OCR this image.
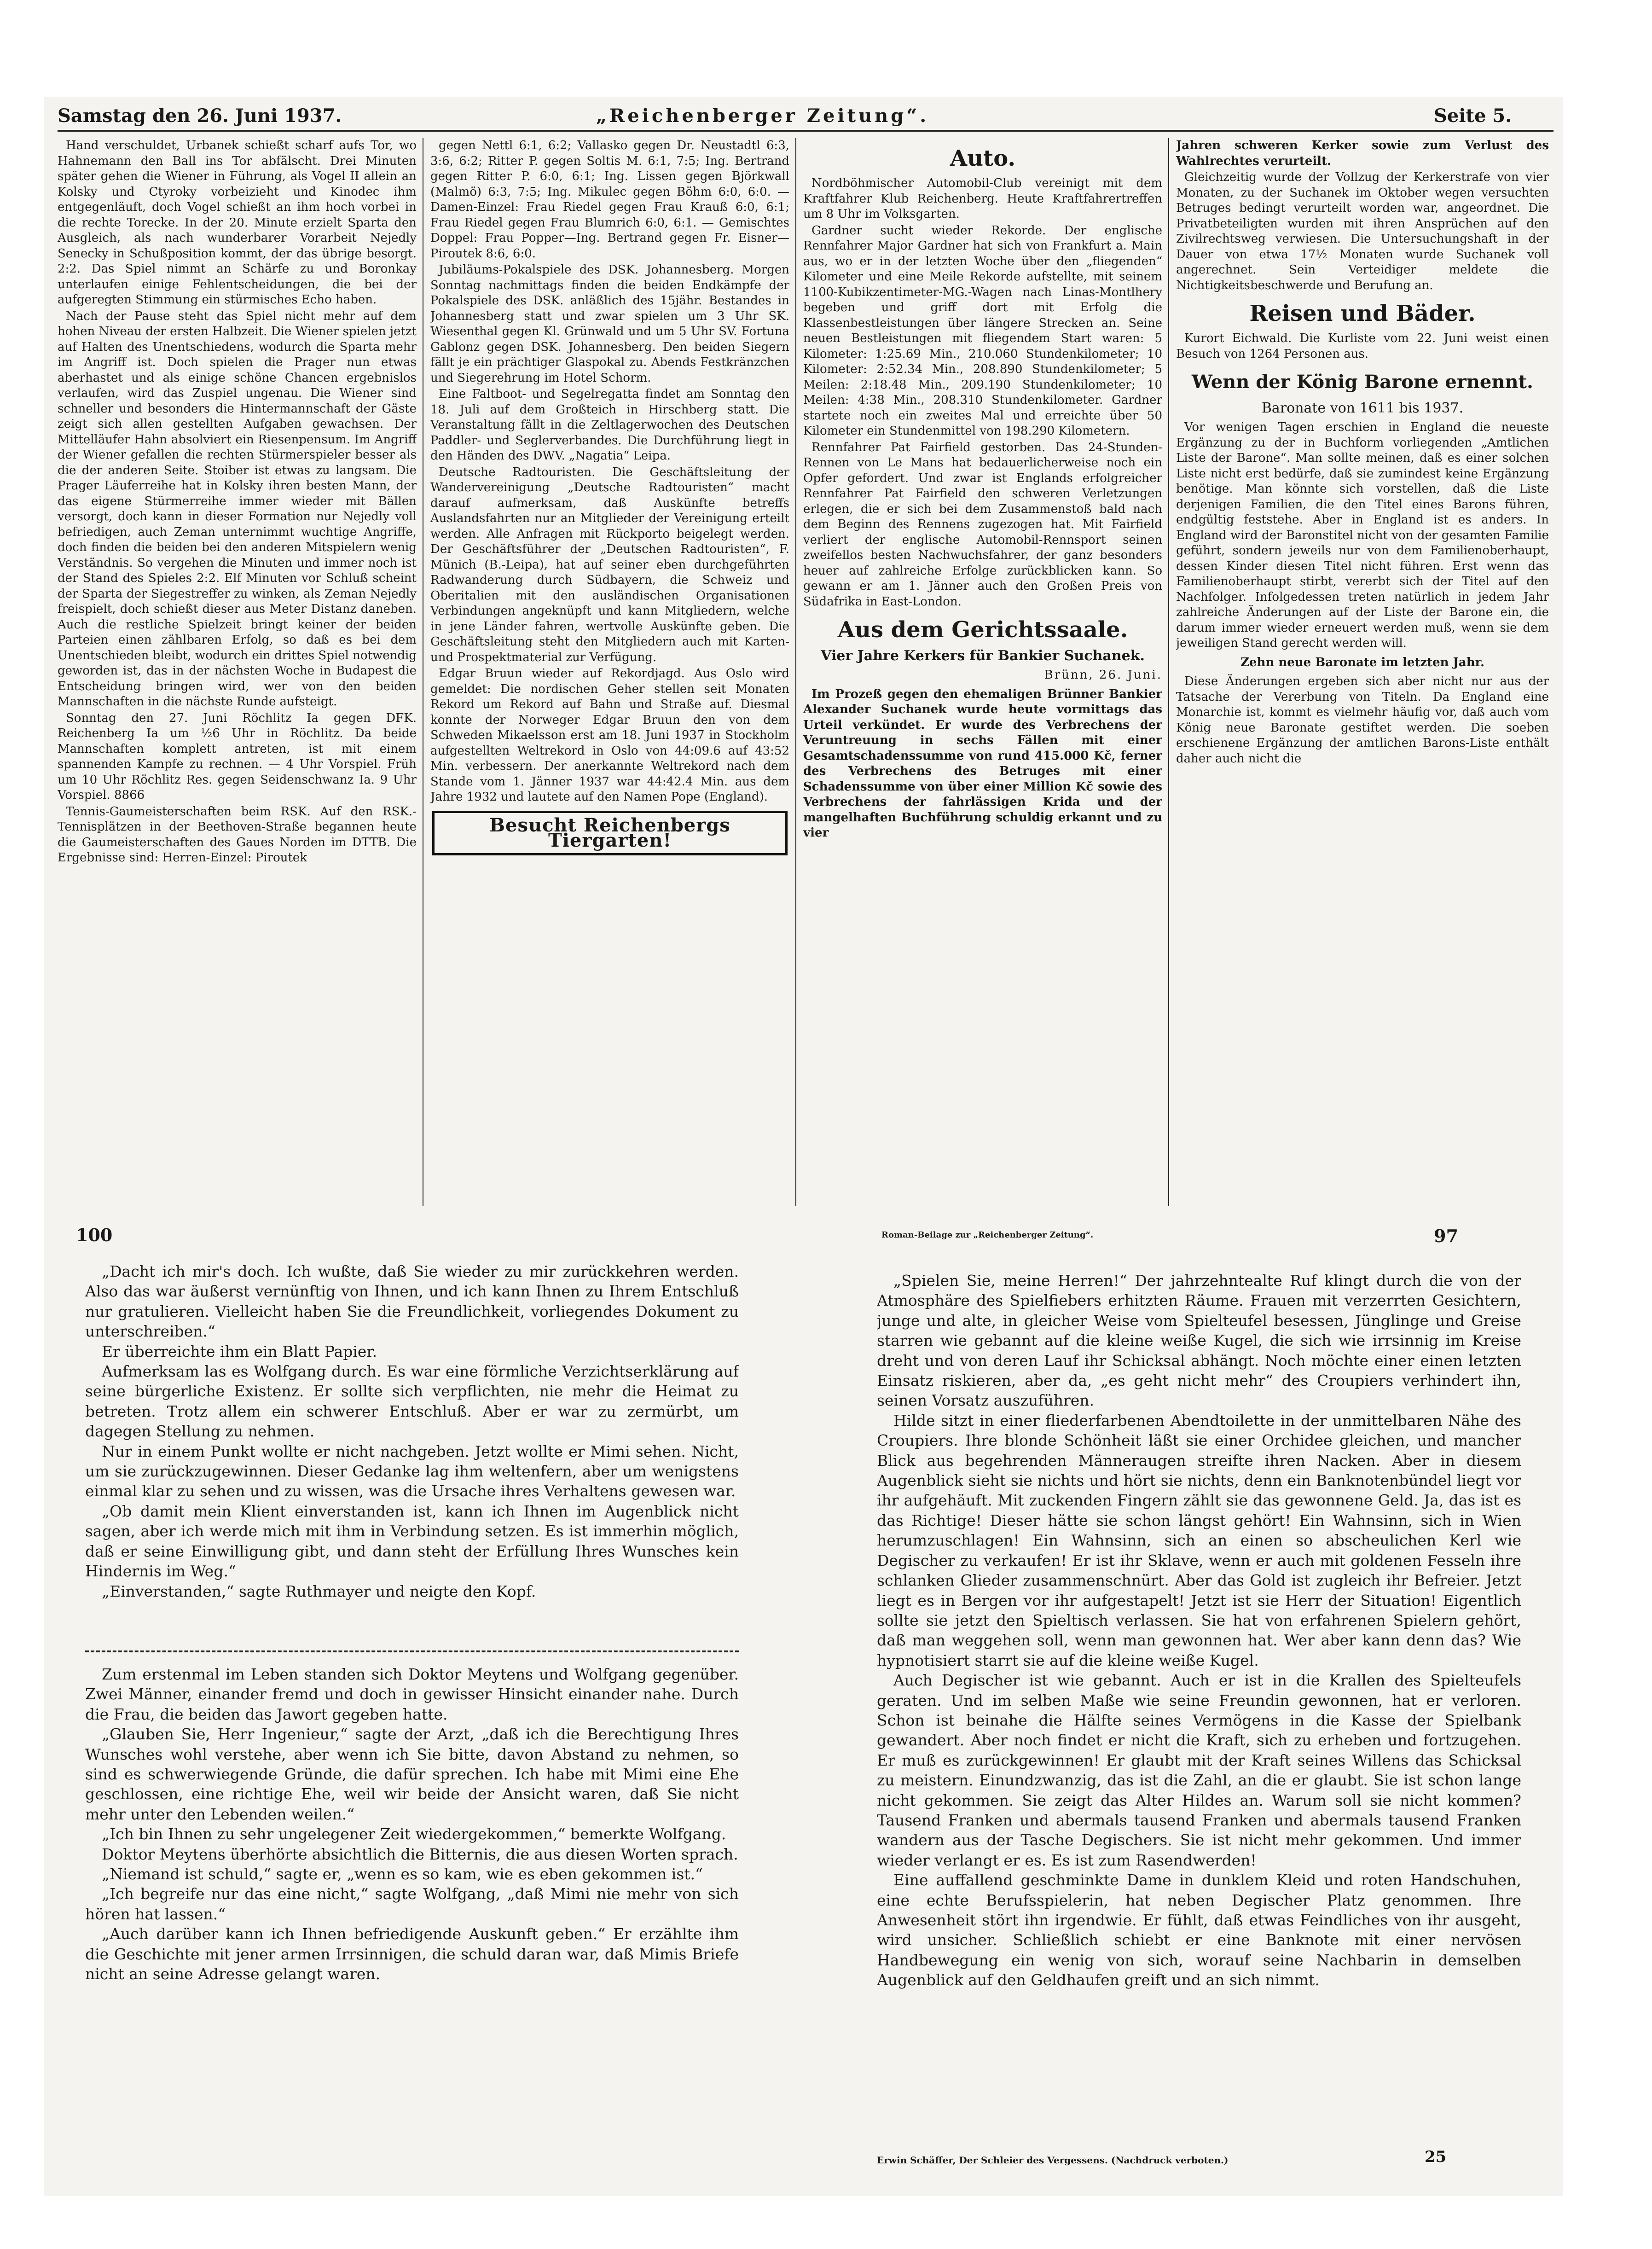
Samstag den 26. Juni 1937.	„Reichenberger Zeitung“.	Seite 5.

Hand verschuldet, Urbanek schießt scharf aufs Tor, wo Hahnemann den Ball ins Tor abfälscht. Drei Minuten später gehen die Wiener in Führung, als Vogel II allein an Kolsky und Ctyroky vorbeizieht und Kinodec ihm entgegenläuft, doch Vogel schießt an ihm hoch vorbei in die rechte Torecke. In der 20. Minute erzielt Sparta den Ausgleich, als nach wunderbarer Vorarbeit Nejedly Senecky in Schußposition kommt, der das übrige besorgt. 2:2. Das Spiel nimmt an Schärfe zu und Boronkay unterlaufen einige Fehlentscheidungen, die bei der aufgeregten Stimmung ein stürmisches Echo haben.

Nach der Pause steht das Spiel nicht mehr auf dem hohen Niveau der ersten Halbzeit. Die Wiener spielen jetzt auf Halten des Unentschiedens, wodurch die Sparta mehr im Angriff ist. Doch spielen die Prager nun etwas aberhastet und als einige schöne Chancen ergebnislos verlaufen, wird das Zuspiel ungenau. Die Wiener sind schneller und besonders die Hintermannschaft der Gäste zeigt sich allen gestellten Aufgaben gewachsen. Der Mittelläufer Hahn absolviert ein Riesenpensum. Im Angriff der Wiener gefallen die rechten Stürmerspieler besser als die der anderen Seite. Stoiber ist etwas zu langsam. Die Prager Läuferreihe hat in Kolsky ihren besten Mann, der das eigene Stürmerreihe immer wieder mit Bällen versorgt, doch kann in dieser Formation nur Nejedly voll befriedigen, auch Zeman unternimmt wuchtige Angriffe, doch finden die beiden bei den anderen Mitspielern wenig Verständnis. So vergehen die Minuten und immer noch ist der Stand des Spieles 2:2. Elf Minuten vor Schluß scheint der Sparta der Siegestreffer zu winken, als Zeman Nejedly freispielt, doch schießt dieser aus Meter Distanz daneben. Auch die restliche Spielzeit bringt keiner der beiden Parteien einen zählbaren Erfolg, so daß es bei dem Unentschieden bleibt, wodurch ein drittes Spiel notwendig geworden ist, das in der nächsten Woche in Budapest die Entscheidung bringen wird, wer von den beiden Mannschaften in die nächste Runde aufsteigt.

Sonntag den 27. Juni Röchlitz Ia gegen DFK. Reichenberg Ia um ½6 Uhr in Röchlitz. Da beide Mannschaften komplett antreten, ist mit einem spannenden Kampfe zu rechnen. — 4 Uhr Vorspiel. Früh um 10 Uhr Röchlitz Res. gegen Seidenschwanz Ia. 9 Uhr Vorspiel. 8866

Tennis-Gaumeisterschaften beim RSK. Auf den RSK.-Tennisplätzen in der Beethoven-Straße begannen heute die Gaumeisterschaften des Gaues Norden im DTTB. Die Ergebnisse sind: Herren-Einzel: Piroutek

gegen Nettl 6:1, 6:2; Vallasko gegen Dr. Neustadtl 6:3, 3:6, 6:2; Ritter P. gegen Soltis M. 6:1, 7:5; Ing. Bertrand gegen Ritter P. 6:0, 6:1; Ing. Lissen gegen Björkwall (Malmö) 6:3, 7:5; Ing. Mikulec gegen Böhm 6:0, 6:0. — Damen-Einzel: Frau Riedel gegen Frau Krauß 6:0, 6:1; Frau Riedel gegen Frau Blumrich 6:0, 6:1. — Gemischtes Doppel: Frau Popper—Ing. Bertrand gegen Fr. Eisner—Piroutek 8:6, 6:0.

Jubiläums-Pokalspiele des DSK. Johannesberg. Morgen Sonntag nachmittags finden die beiden Endkämpfe der Pokalspiele des DSK. anläßlich des 15jähr. Bestandes in Johannesberg statt und zwar spielen um 3 Uhr SK. Wiesenthal gegen Kl. Grünwald und um 5 Uhr SV. Fortuna Gablonz gegen DSK. Johannesberg. Den beiden Siegern fällt je ein prächtiger Glaspokal zu. Abends Festkränzchen und Siegerehrung im Hotel Schorm.

Eine Faltboot- und Segelregatta findet am Sonntag den 18. Juli auf dem Großteich in Hirschberg statt. Die Veranstaltung fällt in die Zeltlagerwochen des Deutschen Paddler- und Seglerverbandes. Die Durchführung liegt in den Händen des DWV. „Nagatia“ Leipa.

Deutsche Radtouristen. Die Geschäftsleitung der Wandervereinigung „Deutsche Radtouristen“ macht darauf aufmerksam, daß Auskünfte betreffs Auslandsfahrten nur an Mitglieder der Vereinigung erteilt werden. Alle Anfragen mit Rückporto beigelegt werden. Der Geschäftsführer der „Deutschen Radtouristen“, F. Münich (B.-Leipa), hat auf seiner eben durchgeführten Radwanderung durch Südbayern, die Schweiz und Oberitalien mit den ausländischen Organisationen Verbindungen angeknüpft und kann Mitgliedern, welche in jene Länder fahren, wertvolle Auskünfte geben. Die Geschäftsleitung steht den Mitgliedern auch mit Karten- und Prospektmaterial zur Verfügung.

Edgar Bruun wieder auf Rekordjagd. Aus Oslo wird gemeldet: Die nordischen Geher stellen seit Monaten Rekord um Rekord auf Bahn und Straße auf. Diesmal konnte der Norweger Edgar Bruun den von dem Schweden Mikaelsson erst am 18. Juni 1937 in Stockholm aufgestellten Weltrekord in Oslo von 44:09.6 auf 43:52 Min. verbessern. Der anerkannte Weltrekord nach dem Stande vom 1. Jänner 1937 war 44:42.4 Min. aus dem Jahre 1932 und lautete auf den Namen Pope (England).

Besucht Reichenbergs Tiergarten!
Auto.

Nordböhmischer Automobil-Club vereinigt mit dem Kraftfahrer Klub Reichenberg. Heute Kraftfahrertreffen um 8 Uhr im Volksgarten.

Gardner sucht wieder Rekorde. Der englische Rennfahrer Major Gardner hat sich von Frankfurt a. Main aus, wo er in der letzten Woche über den „fliegenden“ Kilometer und eine Meile Rekorde aufstellte, mit seinem 1100-Kubikzentimeter-MG.-Wagen nach Linas-Montlhery begeben und griff dort mit Erfolg die Klassenbestleistungen über längere Strecken an. Seine neuen Bestleistungen mit fliegendem Start waren: 5 Kilometer: 1:25.69 Min., 210.060 Stundenkilometer; 10 Kilometer: 2:52.34 Min., 208.890 Stundenkilometer; 5 Meilen: 2:18.48 Min., 209.190 Stundenkilometer; 10 Meilen: 4:38 Min., 208.310 Stundenkilometer. Gardner startete noch ein zweites Mal und erreichte über 50 Kilometer ein Stundenmittel von 198.290 Kilometern.

Rennfahrer Pat Fairfield gestorben. Das 24-Stunden-Rennen von Le Mans hat bedauerlicherweise noch ein Opfer gefordert. Und zwar ist Englands erfolgreicher Rennfahrer Pat Fairfield den schweren Verletzungen erlegen, die er sich bei dem Zusammenstoß bald nach dem Beginn des Rennens zugezogen hat. Mit Fairfield verliert der englische Automobil-Rennsport seinen zweifellos besten Nachwuchsfahrer, der ganz besonders heuer auf zahlreiche Erfolge zurückblicken kann. So gewann er am 1. Jänner auch den Großen Preis von Südafrika in East-London.

Aus dem Gerichtssaale.
Vier Jahre Kerkers für Bankier Suchanek.
Brünn, 26. Juni.

Im Prozeß gegen den ehemaligen Brünner Bankier Alexander Suchanek wurde heute vormittags das Urteil verkündet. Er wurde des Verbrechens der Veruntreuung in sechs Fällen mit einer Gesamtschadenssumme von rund 415.000 Kč, ferner des Verbrechens des Betruges mit einer Schadenssumme von über einer Million Kč sowie des Verbrechens der fahrlässigen Krida und der mangelhaften Buchführung schuldig erkannt und zu vier

Jahren schweren Kerker sowie zum Verlust des Wahlrechtes verurteilt.

Gleichzeitig wurde der Vollzug der Kerkerstrafe von vier Monaten, zu der Suchanek im Oktober wegen versuchten Betruges bedingt verurteilt worden war, angeordnet. Die Privatbeteiligten wurden mit ihren Ansprüchen auf den Zivilrechtsweg verwiesen. Die Untersuchungshaft in der Dauer von etwa 17½ Monaten wurde Suchanek voll angerechnet. Sein Verteidiger meldete die Nichtigkeitsbeschwerde und Berufung an.

Reisen und Bäder.

Kurort Eichwald. Die Kurliste vom 22. Juni weist einen Besuch von 1264 Personen aus.

Wenn der König Barone ernennt.
Baronate von 1611 bis 1937.

Vor wenigen Tagen erschien in England die neueste Ergänzung zu der in Buchform vorliegenden „Amtlichen Liste der Barone“. Man sollte meinen, daß es einer solchen Liste nicht erst bedürfe, daß sie zumindest keine Ergänzung benötige. Man könnte sich vorstellen, daß die Liste derjenigen Familien, die den Titel eines Barons führen, endgültig feststehe. Aber in England ist es anders. In England wird der Baronstitel nicht von der gesamten Familie geführt, sondern jeweils nur von dem Familienoberhaupt, dessen Kinder diesen Titel nicht führen. Erst wenn das Familienoberhaupt stirbt, vererbt sich der Titel auf den Nachfolger. Infolgedessen treten natürlich in jedem Jahr zahlreiche Änderungen auf der Liste der Barone ein, die darum immer wieder erneuert werden muß, wenn sie dem jeweiligen Stand gerecht werden will.

Zehn neue Baronate im letzten Jahr.

Diese Änderungen ergeben sich aber nicht nur aus der Tatsache der Vererbung von Titeln. Da England eine Monarchie ist, kommt es vielmehr häufig vor, daß auch vom König neue Baronate gestiftet werden. Die soeben erschienene Ergänzung der amtlichen Barons-Liste enthält daher auch nicht die

100	Roman-Beilage zur „Reichenberger Zeitung“.	97

„Dacht ich mir's doch. Ich wußte, daß Sie wieder zu mir zurückkehren werden. Also das war äußerst vernünftig von Ihnen, und ich kann Ihnen zu Ihrem Entschluß nur gratulieren. Vielleicht haben Sie die Freundlichkeit, vorliegendes Dokument zu unterschreiben.“

Er überreichte ihm ein Blatt Papier.

Aufmerksam las es Wolfgang durch. Es war eine förmliche Verzichtserklärung auf seine bürgerliche Existenz. Er sollte sich verpflichten, nie mehr die Heimat zu betreten. Trotz allem ein schwerer Entschluß. Aber er war zu zermürbt, um dagegen Stellung zu nehmen.

Nur in einem Punkt wollte er nicht nachgeben. Jetzt wollte er Mimi sehen. Nicht, um sie zurückzugewinnen. Dieser Gedanke lag ihm weltenfern, aber um wenigstens einmal klar zu sehen und zu wissen, was die Ursache ihres Verhaltens gewesen war.

„Ob damit mein Klient einverstanden ist, kann ich Ihnen im Augenblick nicht sagen, aber ich werde mich mit ihm in Verbindung setzen. Es ist immerhin möglich, daß er seine Einwilligung gibt, und dann steht der Erfüllung Ihres Wunsches kein Hindernis im Weg.“

„Einverstanden,“ sagte Ruthmayer und neigte den Kopf.

Zum erstenmal im Leben standen sich Doktor Meytens und Wolfgang gegenüber. Zwei Männer, einander fremd und doch in gewisser Hinsicht einander nahe. Durch die Frau, die beiden das Jawort gegeben hatte.

„Glauben Sie, Herr Ingenieur,“ sagte der Arzt, „daß ich die Berechtigung Ihres Wunsches wohl verstehe, aber wenn ich Sie bitte, davon Abstand zu nehmen, so sind es schwerwiegende Gründe, die dafür sprechen. Ich habe mit Mimi eine Ehe geschlossen, eine richtige Ehe, weil wir beide der Ansicht waren, daß Sie nicht mehr unter den Lebenden weilen.“

„Ich bin Ihnen zu sehr ungelegener Zeit wiedergekommen,“ bemerkte Wolfgang.

Doktor Meytens überhörte absichtlich die Bitternis, die aus diesen Worten sprach.

„Niemand ist schuld,“ sagte er, „wenn es so kam, wie es eben gekommen ist.“

„Ich begreife nur das eine nicht,“ sagte Wolfgang, „daß Mimi nie mehr von sich hören hat lassen.“

„Auch darüber kann ich Ihnen befriedigende Auskunft geben.“ Er erzählte ihm die Geschichte mit jener armen Irrsinnigen, die schuld daran war, daß Mimis Briefe nicht an seine Adresse gelangt waren.

„Spielen Sie, meine Herren!“ Der jahrzehntealte Ruf klingt durch die von der Atmosphäre des Spielfiebers erhitzten Räume. Frauen mit verzerrten Gesichtern, junge und alte, in gleicher Weise vom Spielteufel besessen, Jünglinge und Greise starren wie gebannt auf die kleine weiße Kugel, die sich wie irrsinnig im Kreise dreht und von deren Lauf ihr Schicksal abhängt. Noch möchte einer einen letzten Einsatz riskieren, aber da, „es geht nicht mehr“ des Croupiers verhindert ihn, seinen Vorsatz auszuführen.

Hilde sitzt in einer fliederfarbenen Abendtoilette in der unmittelbaren Nähe des Croupiers. Ihre blonde Schönheit läßt sie einer Orchidee gleichen, und mancher Blick aus begehrenden Männeraugen streifte ihren Nacken. Aber in diesem Augenblick sieht sie nichts und hört sie nichts, denn ein Banknotenbündel liegt vor ihr aufgehäuft. Mit zuckenden Fingern zählt sie das gewonnene Geld. Ja, das ist es das Richtige! Dieser hätte sie schon längst gehört! Ein Wahnsinn, sich in Wien herumzuschlagen! Ein Wahnsinn, sich an einen so abscheulichen Kerl wie Degischer zu verkaufen! Er ist ihr Sklave, wenn er auch mit goldenen Fesseln ihre schlanken Glieder zusammenschnürt. Aber das Gold ist zugleich ihr Befreier. Jetzt liegt es in Bergen vor ihr aufgestapelt! Jetzt ist sie Herr der Situation! Eigentlich sollte sie jetzt den Spieltisch verlassen. Sie hat von erfahrenen Spielern gehört, daß man weggehen soll, wenn man gewonnen hat. Wer aber kann denn das? Wie hypnotisiert starrt sie auf die kleine weiße Kugel.

Auch Degischer ist wie gebannt. Auch er ist in die Krallen des Spielteufels geraten. Und im selben Maße wie seine Freundin gewonnen, hat er verloren. Schon ist beinahe die Hälfte seines Vermögens in die Kasse der Spielbank gewandert. Aber noch findet er nicht die Kraft, sich zu erheben und fortzugehen. Er muß es zurückgewinnen! Er glaubt mit der Kraft seines Willens das Schicksal zu meistern. Einundzwanzig, das ist die Zahl, an die er glaubt. Sie ist schon lange nicht gekommen. Sie zeigt das Alter Hildes an. Warum soll sie nicht kommen? Tausend Franken und abermals tausend Franken und abermals tausend Franken wandern aus der Tasche Degischers. Sie ist nicht mehr gekommen. Und immer wieder verlangt er es. Es ist zum Rasendwerden!

Eine auffallend geschminkte Dame in dunklem Kleid und roten Handschuhen, eine echte Berufsspielerin, hat neben Degischer Platz genommen. Ihre Anwesenheit stört ihn irgendwie. Er fühlt, daß etwas Feindliches von ihr ausgeht, wird unsicher. Schließlich schiebt er eine Banknote mit einer nervösen Handbewegung ein wenig von sich, worauf seine Nachbarin in demselben Augenblick auf den Geldhaufen greift und an sich nimmt.

Erwin Schäffer, Der Schleier des Vergessens. (Nachdruck verboten.)	25
